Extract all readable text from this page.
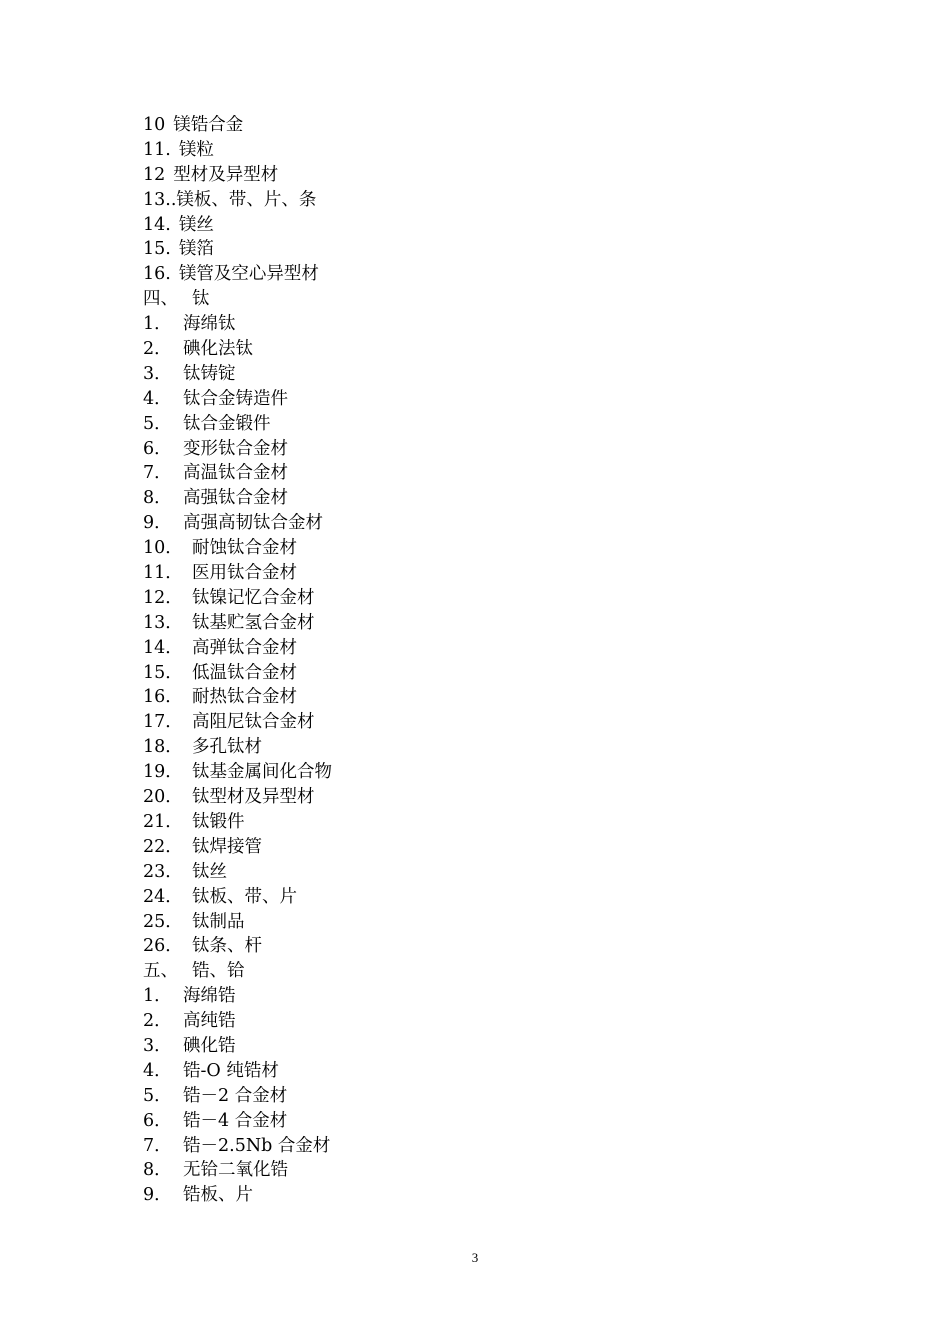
10 镁锆合金
11. 镁粒
12 型材及异型材
13.. 镁板、带、片、条
14. 镁丝
15. 镁箔
16. 镁管及空心异型材
四、 钛
1． 海绵钛
2． 碘化法钛
3． 钛铸锭
4． 钛合金铸造件
5． 钛合金锻件
6． 变形钛合金材
7． 高温钛合金材
8． 高强钛合金材
9． 高强高韧钛合金材
10． 耐蚀钛合金材
11． 医用钛合金材
12． 钛镍记忆合金材
13． 钛基贮氢合金材
14． 高弹钛合金材
15． 低温钛合金材
16． 耐热钛合金材
17． 高阻尼钛合金材
18． 多孔钛材
19． 钛基金属间化合物
20． 钛型材及异型材
21． 钛锻件
22． 钛焊接管
23． 钛丝
24． 钛板、带、片
25． 钛制品
26． 钛条、杆
五、 锆、铪
1． 海绵锆
2． 高纯锆
3． 碘化锆
4． 锆-O 纯锆材
5． 锆－2 合金材
6． 锆－4 合金材
7． 锆－2.5Nb 合金材
8． 无铪二氧化锆
9． 锆板、片
3
